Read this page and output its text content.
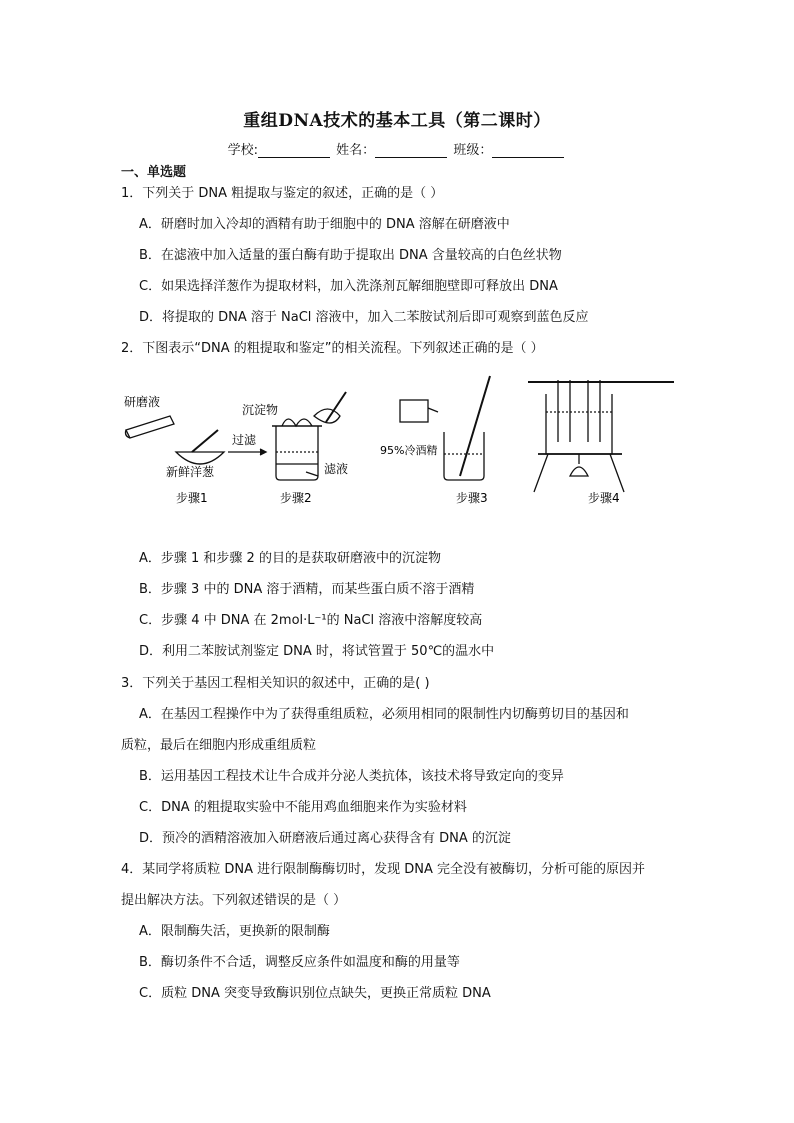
重组DNA技术的基本工具（第二课时）
学校:	姓名：	班级：
一、单选题
1．下列关于 DNA 粗提取与鉴定的叙述，正确的是（ ）
A．研磨时加入冷却的酒精有助于细胞中的 DNA 溶解在研磨液中
B．在滤液中加入适量的蛋白酶有助于提取出 DNA 含量较高的白色丝状物
C．如果选择洋葱作为提取材料，加入洗涤剂瓦解细胞壁即可释放出 DNA
D．将提取的 DNA 溶于 NaCl 溶液中，加入二苯胺试剂后即可观察到蓝色反应
2．下图表示“DNA 的粗提取和鉴定”的相关流程。下列叙述正确的是（ ）
研磨液
新鲜洋葱
过滤
沉淀物
滤液
95%冷酒精
步骤1	步骤2	步骤3	步骤4
A．步骤 1 和步骤 2 的目的是获取研磨液中的沉淀物
B．步骤 3 中的 DNA 溶于酒精，而某些蛋白质不溶于酒精
C．步骤 4 中 DNA 在 2mol·L⁻¹的 NaCl 溶液中溶解度较高
D．利用二苯胺试剂鉴定 DNA 时，将试管置于 50℃的温水中
3．下列关于基因工程相关知识的叙述中，正确的是( )
A．在基因工程操作中为了获得重组质粒，必须用相同的限制性内切酶剪切目的基因和
质粒，最后在细胞内形成重组质粒
B．运用基因工程技术让牛合成并分泌人类抗体，该技术将导致定向的变异
C．DNA 的粗提取实验中不能用鸡血细胞来作为实验材料
D．预冷的酒精溶液加入研磨液后通过离心获得含有 DNA 的沉淀
4．某同学将质粒 DNA 进行限制酶酶切时，发现 DNA 完全没有被酶切，分析可能的原因并
提出解决方法。下列叙述错误的是（ ）
A．限制酶失活，更换新的限制酶
B．酶切条件不合适，调整反应条件如温度和酶的用量等
C．质粒 DNA 突变导致酶识别位点缺失，更换正常质粒 DNA
